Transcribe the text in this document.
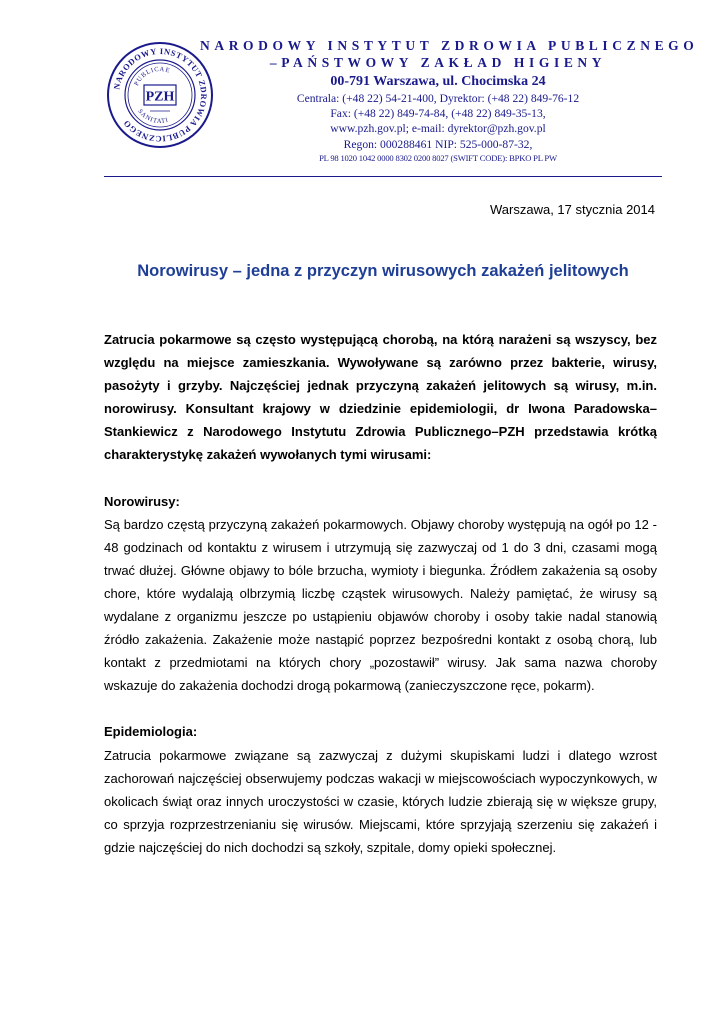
NARODOWY INSTYTUT ZDROWIA PUBLICZNEGO
PUBLICAE
SANITATI
PZH
NARODOWY INSTYTUT ZDROWIA PUBLICZNEGO
–PAŃSTWOWY ZAKŁAD HIGIENY
00-791 Warszawa, ul. Chocimska 24
Centrala: (+48 22) 54-21-400, Dyrektor: (+48 22) 849-76-12
Fax: (+48 22) 849-74-84, (+48 22) 849-35-13,
www.pzh.gov.pl; e-mail: dyrektor@pzh.gov.pl
Regon: 000288461 NIP: 525-000-87-32,
PL 98 1020 1042 0000 8302 0200 8027 (SWIFT CODE): BPKO PL PW
Warszawa, 17 stycznia 2014
Norowirusy – jedna z przyczyn wirusowych zakażeń jelitowych

Zatrucia pokarmowe są często występującą chorobą, na którą narażeni są wszyscy, bez względu na miejsce zamieszkania. Wywoływane są zarówno przez bakterie, wirusy, pasożyty i grzyby. Najczęściej jednak przyczyną zakażeń jelitowych są wirusy, m.in. norowirusy. Konsultant krajowy w dziedzinie epidemiologii, dr Iwona Paradowska–Stankiewicz z Narodowego Instytutu Zdrowia Publicznego–PZH przedstawia krótką charakterystykę zakażeń wywołanych tymi wirusami:

Norowirusy:

Są bardzo częstą przyczyną zakażeń pokarmowych. Objawy choroby występują na ogół po 12 - 48 godzinach od kontaktu z wirusem i utrzymują się zazwyczaj od 1 do 3 dni, czasami mogą trwać dłużej. Główne objawy to bóle brzucha, wymioty i biegunka. Źródłem zakażenia są osoby chore, które wydalają olbrzymią liczbę cząstek wirusowych. Należy pamiętać, że wirusy są wydalane z organizmu jeszcze po ustąpieniu objawów choroby i osoby takie nadal stanowią źródło zakażenia. Zakażenie może nastąpić poprzez bezpośredni kontakt z osobą chorą, lub kontakt z przedmiotami na których chory „pozostawił” wirusy. Jak sama nazwa choroby wskazuje do zakażenia dochodzi drogą pokarmową (zanieczyszczone ręce, pokarm).

Epidemiologia:

Zatrucia pokarmowe związane są zazwyczaj z dużymi skupiskami ludzi i dlatego wzrost zachorowań najczęściej obserwujemy podczas wakacji w miejscowościach wypoczynkowych, w okolicach świąt oraz innych uroczystości w czasie, których ludzie zbierają się w większe grupy, co sprzyja rozprzestrzenianiu się wirusów. Miejscami, które sprzyjają szerzeniu się zakażeń i gdzie najczęściej do nich dochodzi są szkoły, szpitale, domy opieki społecznej.
